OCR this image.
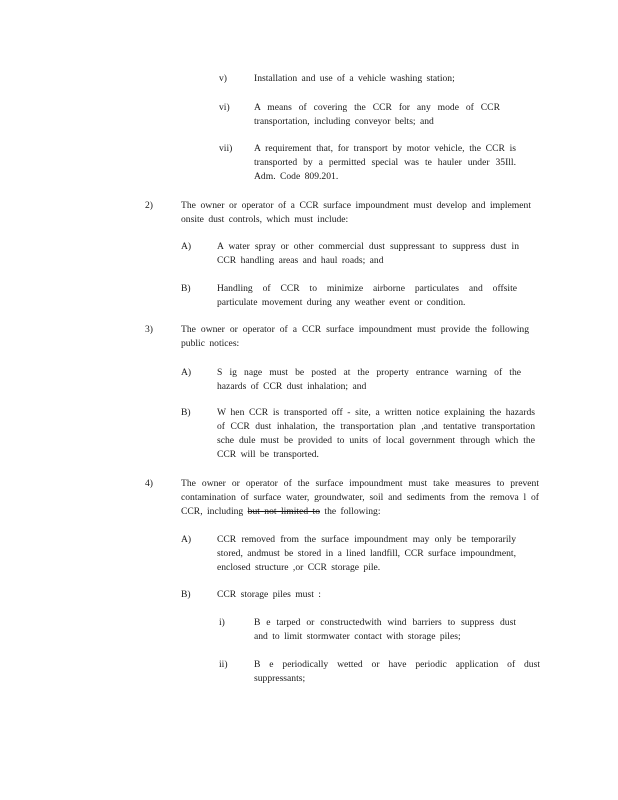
v)	Installation and use of a vehicle washing station;
vi)	A means of covering the CCR for any mode of CCR transportation, including conveyor belts; and
vii) A requirement that, for transport by motor vehicle, the CCR is transported by a permitted special was te hauler under 35Ill. Adm. Code 809.201.
2)	The owner or operator of a CCR surface impoundment must develop and implement onsite dust controls, which must include:
A)	A water spray or other commercial dust suppressant to suppress dust in CCR handling areas and haul roads; and
B)	Handling of CCR to minimize airborne particulates and offsite particulate movement during any weather event or condition.
3)	The owner or operator of a CCR surface impoundment must provide the following public notices:
A)	S ig nage must be posted at the property entrance warning of the hazards of CCR dust inhalation; and
B)	W hen CCR is transported off - site, a written notice explaining the hazards of CCR dust inhalation, the transportation plan ,and tentative transportation sche dule must be provided to units of local government through which the CCR will be transported.
4)	The owner or operator of the surface impoundment must take measures to prevent contamination of surface water, groundwater, soil and sediments from the remova l of CCR, including but not limited to the following:
A)	CCR removed from the surface impoundment may only be temporarily stored, andmust be stored in a lined landfill, CCR surface impoundment, enclosed structure ,or CCR storage pile.
B)	CCR storage piles must :
i)	B e tarped or constructedwith wind barriers to suppress dust and to limit stormwater contact with storage piles;
ii)	B e periodically wetted or have periodic application of dust suppressants;
